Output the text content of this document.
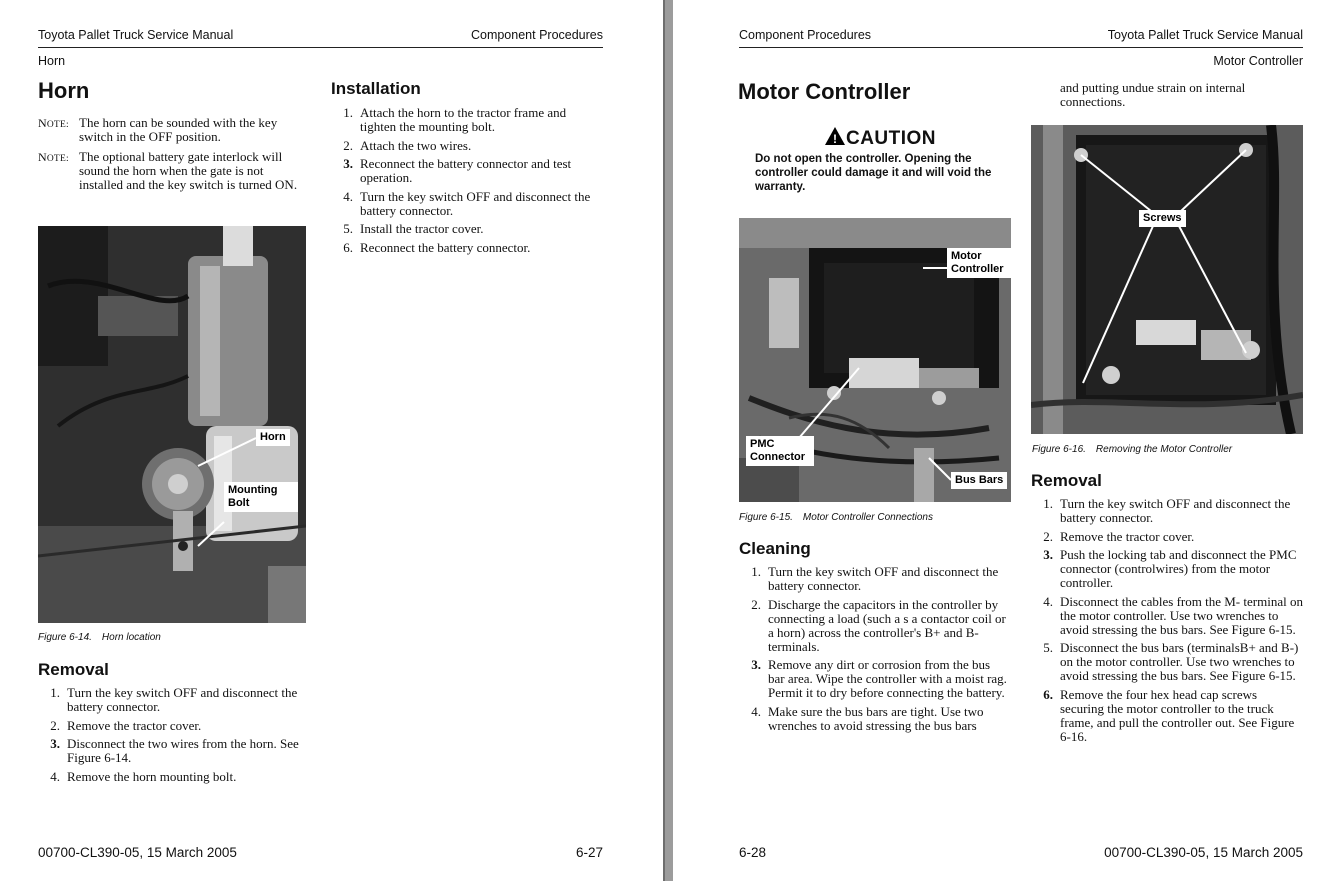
Toyota Pallet Truck Service Manual	Component Procedures
Horn
Horn
NOTE: The horn can be sounded with the key switch in the OFF position.
NOTE: The optional battery gate interlock will sound the horn when the gate is not installed and the key switch is turned ON.
Horn
Mounting Bolt
Figure 6-14. Horn location
Installation
1. Attach the horn to the tractor frame and tighten the mounting bolt.
2. Attach the two wires.
3. Reconnect the battery connector and test operation.
4. Turn the key switch OFF and disconnect the battery connector.
5. Install the tractor cover.
6. Reconnect the battery connector.
Removal
1. Turn the key switch OFF and disconnect the battery connector.
2. Remove the tractor cover.
3. Disconnect the two wires from the horn. See Figure 6-14.
4. Remove the horn mounting bolt.
00700-CL390-05, 15 March 2005	6-27
Component Procedures	Toyota Pallet Truck Service Manual
Motor Controller
Motor Controller
! CAUTION
Do not open the controller. Opening the controller could damage it and will void the warranty.
Motor Controller
PMC Connector
Bus Bars
Figure 6-15. Motor Controller Connections
Cleaning
1. Turn the key switch OFF and disconnect the battery connector.
2. Discharge the capacitors in the controller by connecting a load (such a s a contactor coil or a horn) across the controller's B+ and B- terminals.
3. Remove any dirt or corrosion from the bus bar area. Wipe the controller with a moist rag. Permit it to dry before connecting the battery.
4. Make sure the bus bars are tight. Use two wrenches to avoid stressing the bus bars
and putting undue strain on internal connections.
Screws
Figure 6-16. Removing the Motor Controller
Removal
1. Turn the key switch OFF and disconnect the battery connector.
2. Remove the tractor cover.
3. Push the locking tab and disconnect the PMC connector (controlwires) from the motor controller.
4. Disconnect the cables from the M- terminal on the motor controller. Use two wrenches to avoid stressing the bus bars. See Figure 6-15.
5. Disconnect the bus bars (terminalsB+ and B-) on the motor controller. Use two wrenches to avoid stressing the bus bars. See Figure 6-15.
6. Remove the four hex head cap screws securing the motor controller to the truck frame, and pull the controller out. See Figure 6-16.
6-28	00700-CL390-05, 15 March 2005
